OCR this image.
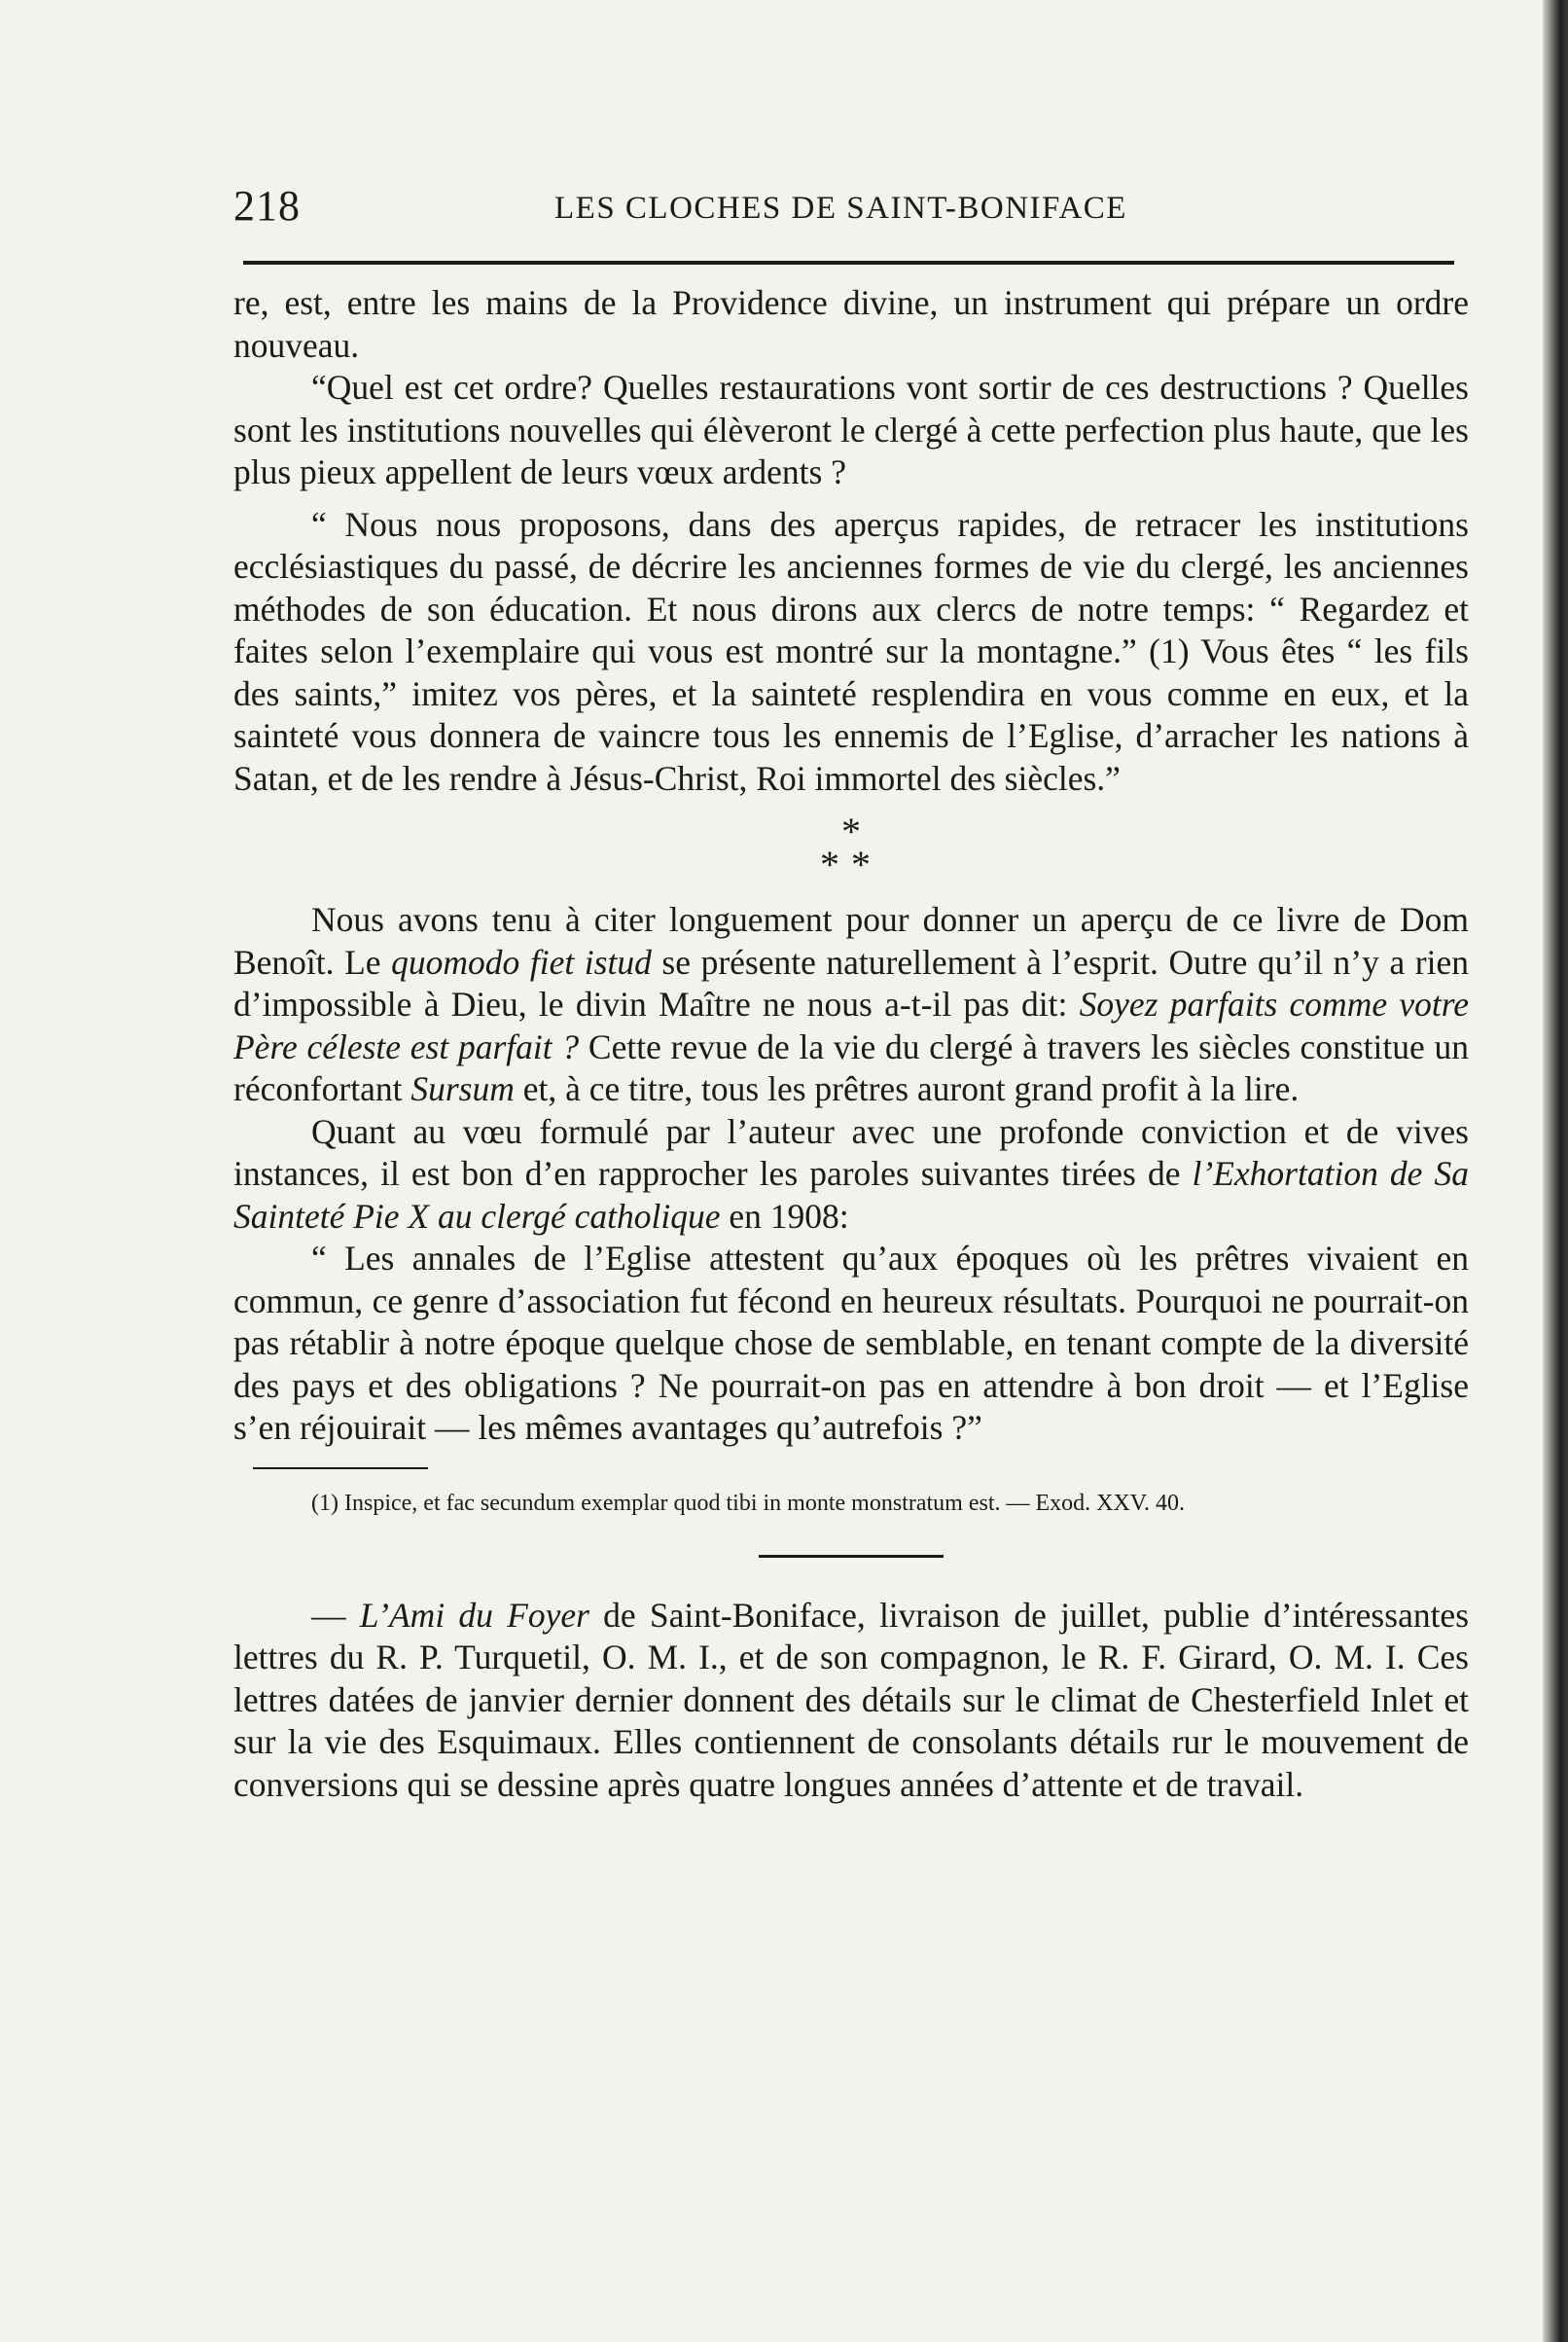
218	LES CLOCHES DE SAINT-BONIFACE

re, est, entre les mains de la Providence divine, un instrument qui prépare un ordre nouveau.

“Quel est cet ordre? Quelles restaurations vont sortir de ces destructions ? Quelles sont les institutions nouvelles qui élèveront le clergé à cette perfection plus haute, que les plus pieux appellent de leurs vœux ardents ?

“ Nous nous proposons, dans des aperçus rapides, de retracer les institutions ecclésiastiques du passé, de décrire les anciennes formes de vie du clergé, les anciennes méthodes de son éducation. Et nous dirons aux clercs de notre temps: “ Regardez et faites selon l’exemplaire qui vous est montré sur la montagne.” (1) Vous êtes “ les fils des saints,” imitez vos pères, et la sainteté resplendira en vous comme en eux, et la sainteté vous donnera de vaincre tous les ennemis de l’Eglise, d’arracher les nations à Satan, et de les rendre à Jésus-Christ, Roi immortel des siècles.”

*
**

Nous avons tenu à citer longuement pour donner un aperçu de ce livre de Dom Benoît. Le quomodo fiet istud se présente naturellement à l’esprit. Outre qu’il n’y a rien d’impossible à Dieu, le divin Maître ne nous a-t-il pas dit: Soyez parfaits comme votre Père céleste est parfait ? Cette revue de la vie du clergé à travers les siècles constitue un réconfortant Sursum et, à ce titre, tous les prêtres auront grand profit à la lire.

Quant au vœu formulé par l’auteur avec une profonde conviction et de vives instances, il est bon d’en rapprocher les paroles suivantes tirées de l’Exhortation de Sa Sainteté Pie X au clergé catholique en 1908:

“ Les annales de l’Eglise attestent qu’aux époques où les prêtres vivaient en commun, ce genre d’association fut fécond en heureux résultats. Pourquoi ne pourrait-on pas rétablir à notre époque quelque chose de semblable, en tenant compte de la diversité des pays et des obligations ? Ne pourrait-on pas en attendre à bon droit — et l’Eglise s’en réjouirait — les mêmes avantages qu’autrefois ?”

(1) Inspice, et fac secundum exemplar quod tibi in monte monstratum est. — Exod. XXV. 40.

— L’Ami du Foyer de Saint-Boniface, livraison de juillet, publie d’intéressantes lettres du R. P. Turquetil, O. M. I., et de son compagnon, le R. F. Girard, O. M. I. Ces lettres datées de janvier dernier donnent des détails sur le climat de Chesterfield Inlet et sur la vie des Esquimaux. Elles contiennent de consolants détails rur le mouvement de conversions qui se dessine après quatre longues années d’attente et de travail.
